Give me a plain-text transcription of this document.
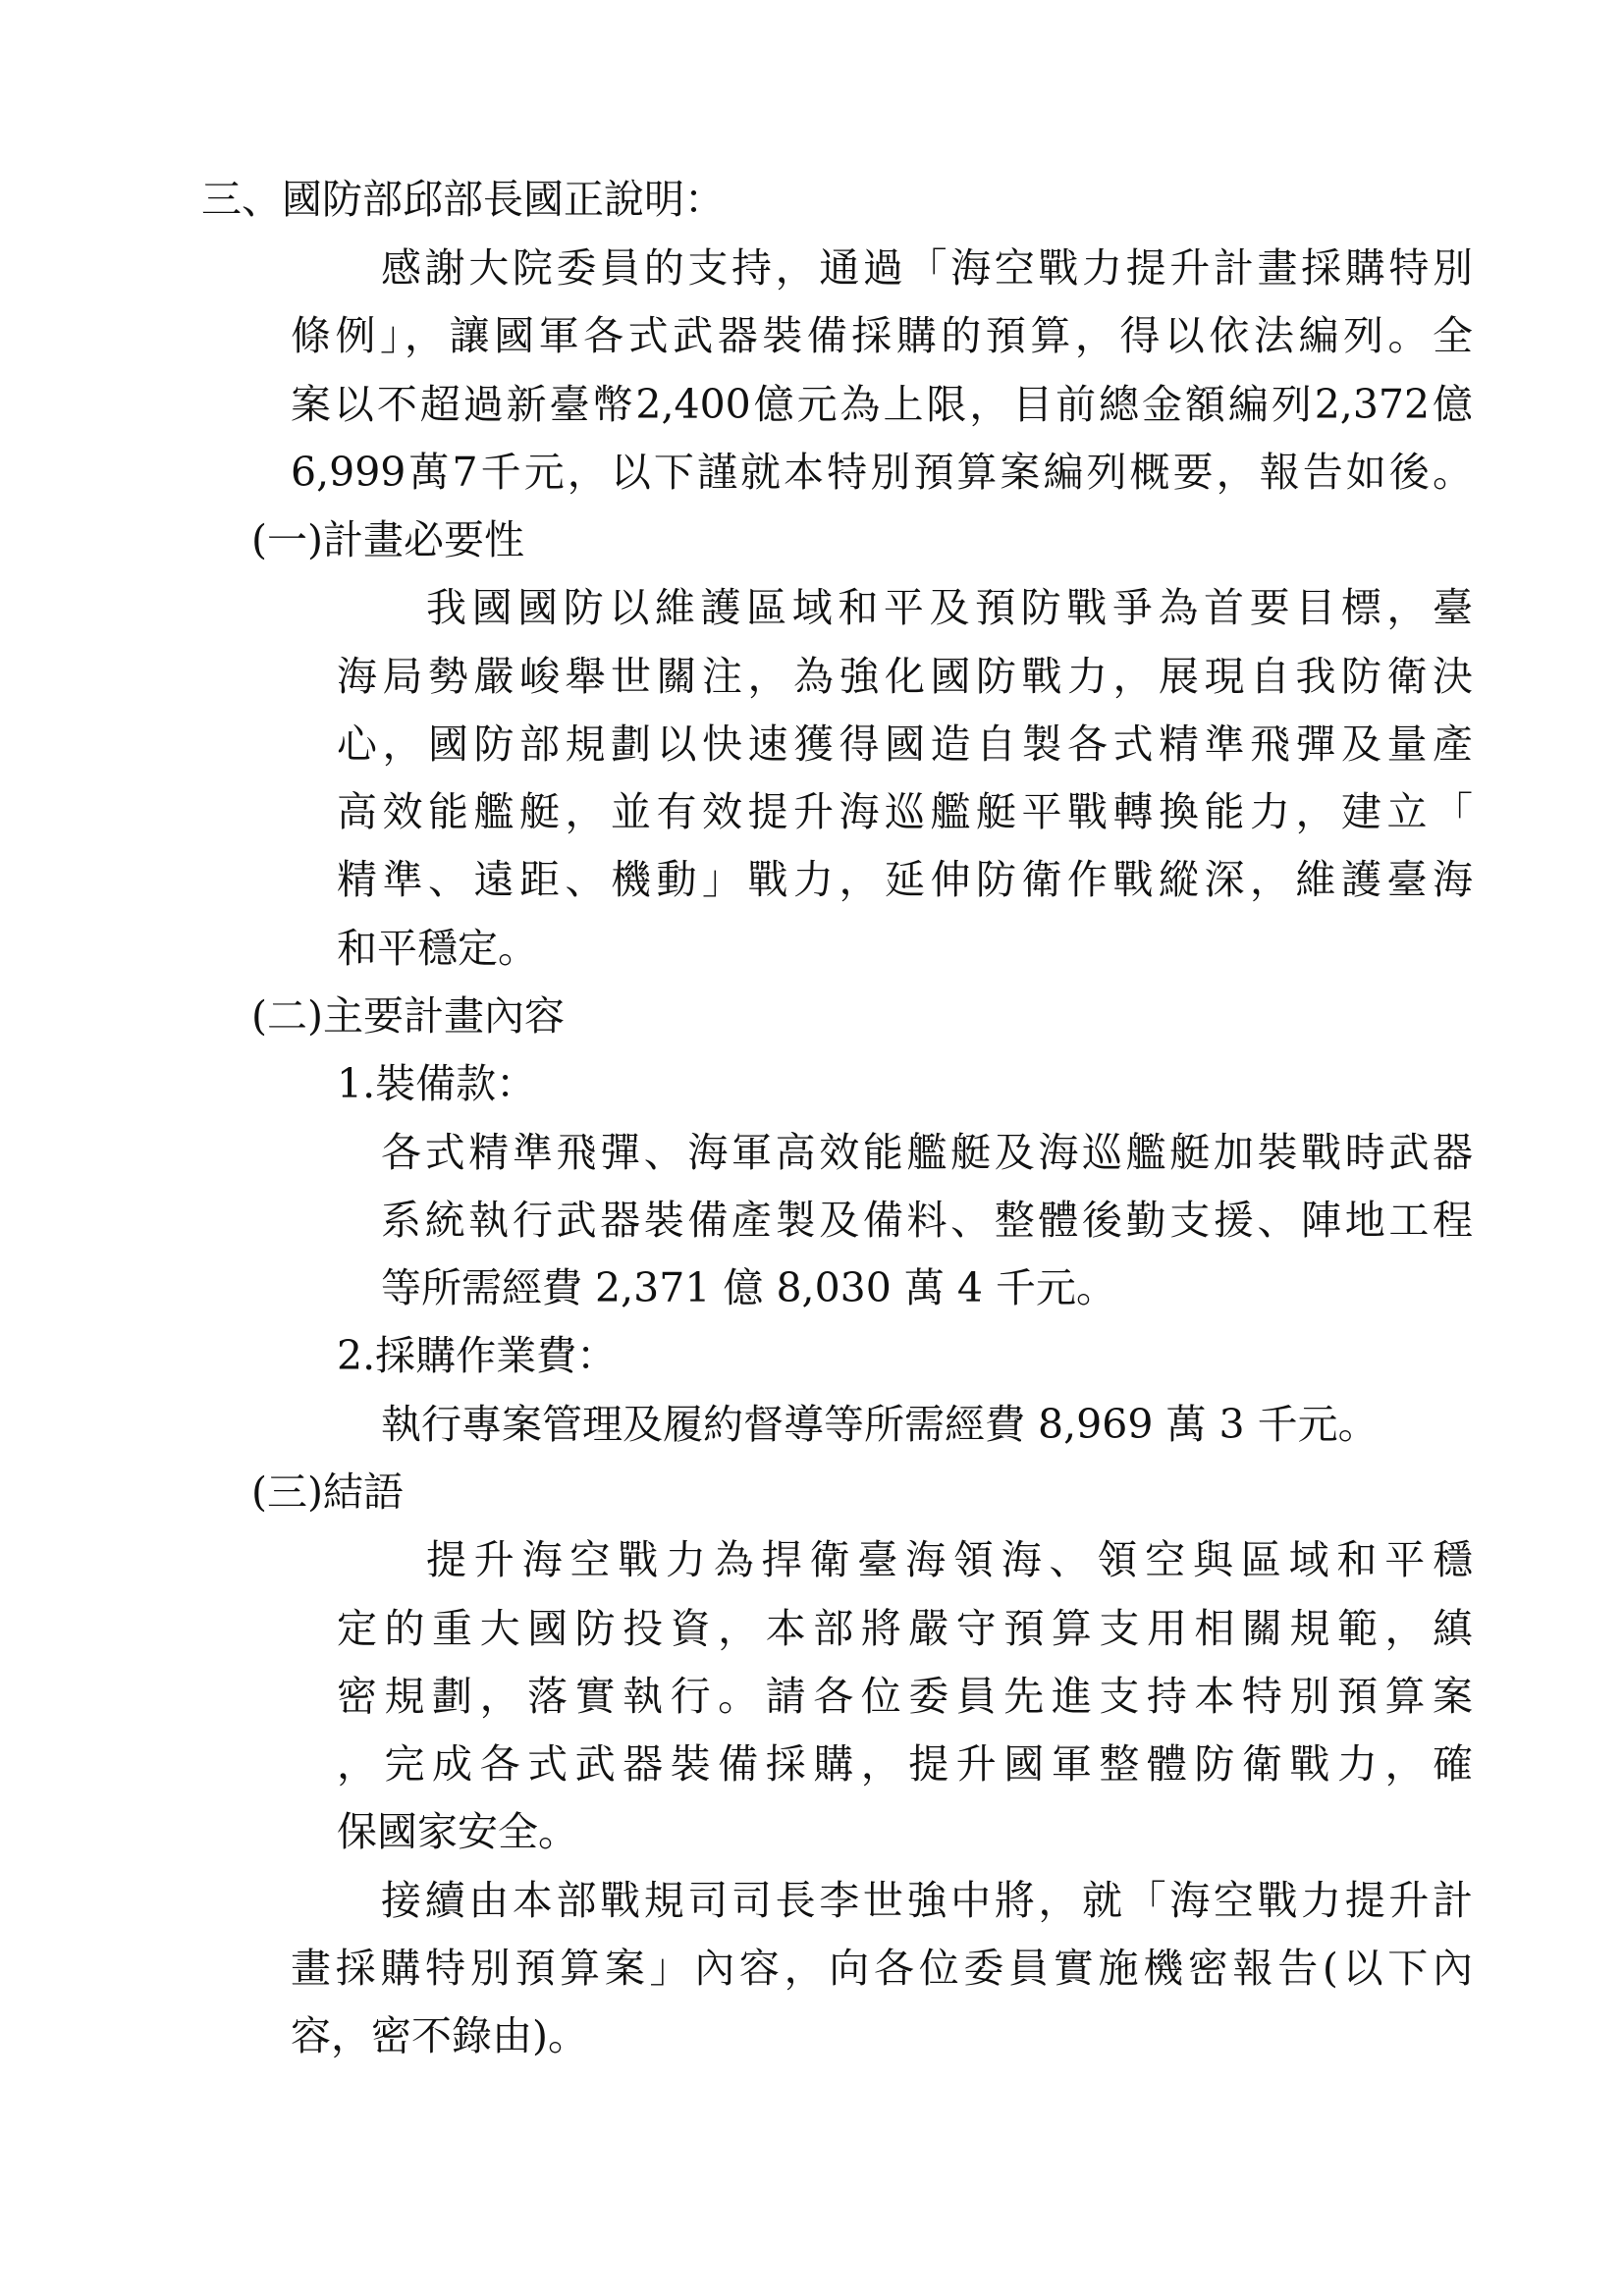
三、國防部邱部長國正說明：
感謝大院委員的支持，通過「海空戰力提升計畫採購特別
條例」，讓國軍各式武器裝備採購的預算，得以依法編列。全
案以不超過新臺幣2,400億元為上限，目前總金額編列2,372億
6,999萬7千元，以下謹就本特別預算案編列概要，報告如後。
(一)計畫必要性
我國國防以維護區域和平及預防戰爭為首要目標，臺
海局勢嚴峻舉世關注，為強化國防戰力，展現自我防衛決
心，國防部規劃以快速獲得國造自製各式精準飛彈及量產
高效能艦艇，並有效提升海巡艦艇平戰轉換能力，建立「
精準、遠距、機動」戰力，延伸防衛作戰縱深，維護臺海
和平穩定。
(二)主要計畫內容
1.裝備款：
各式精準飛彈、海軍高效能艦艇及海巡艦艇加裝戰時武器
系統執行武器裝備產製及備料、整體後勤支援、陣地工程
等所需經費 2,371 億 8,030 萬 4 千元。
2.採購作業費：
執行專案管理及履約督導等所需經費 8,969 萬 3 千元。
(三)結語
提升海空戰力為捍衛臺海領海、領空與區域和平穩
定的重大國防投資，本部將嚴守預算支用相關規範，縝
密規劃，落實執行。請各位委員先進支持本特別預算案
，完成各式武器裝備採購，提升國軍整體防衛戰力，確
保國家安全。
接續由本部戰規司司長李世強中將，就「海空戰力提升計
畫採購特別預算案」內容，向各位委員實施機密報告(以下內
容，密不錄由)。
